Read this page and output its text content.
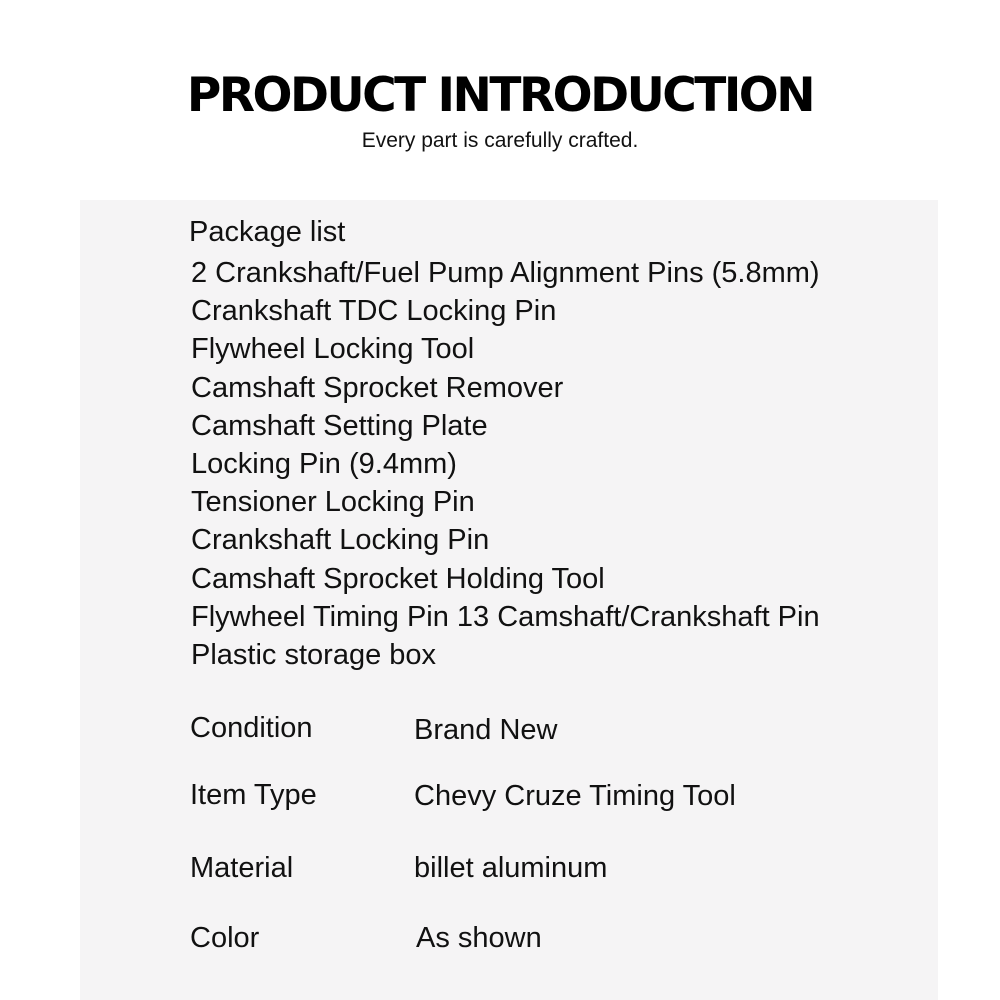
PRODUCT INTRODUCTION

Every part is carefully crafted.

Package list
2 Crankshaft/Fuel Pump Alignment Pins (5.8mm)
Crankshaft TDC Locking Pin
Flywheel Locking Tool
Camshaft Sprocket Remover
Camshaft Setting Plate
Locking Pin (9.4mm)
Tensioner Locking Pin
Crankshaft Locking Pin
Camshaft Sprocket Holding Tool
Flywheel Timing Pin 13 Camshaft/Crankshaft Pin
Plastic storage box
Condition	Brand New
Item Type	Chevy Cruze Timing Tool
Material	billet aluminum
Color	As shown
